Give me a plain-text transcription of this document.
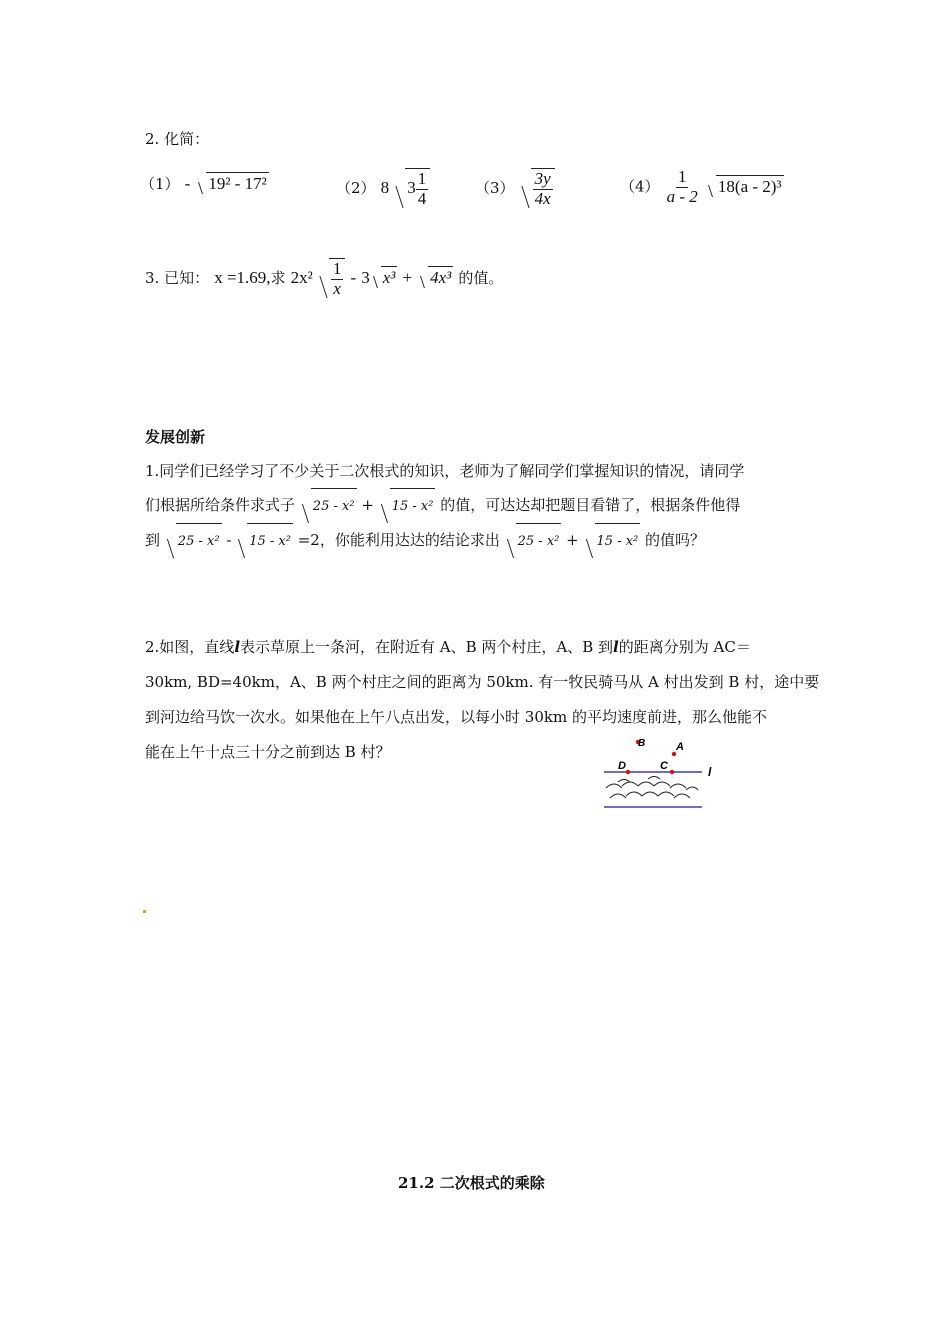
2. 化简：
（1） - 19² - 17²	（2） 8 $3 \frac{1}{4}$	$(3) \frac{3y}{4x}$	$(4) \frac{1}{a - 2} 18(a - 2)^3$
3. 已知： x =1.69,求 $2x^2 \frac{1}{x} - 3$ x³ + 4x³ 的值。
发展创新
1.同学们已经学习了不少关于二次根式的知识，老师为了解同学们掌握知识的情况，请同学
们根据所给条件求式子 25 - x² + 15 - x² 的值，可达达却把题目看错了，根据条件他得
到 25 - x² - 15 - x² =2，你能利用达达的结论求出 25 - x² + 15 - x² 的值吗？
2.如图，直线l表示草原上一条河，在附近有 A、B 两个村庄，A、B 到l的距离分别为 AC＝
30km, BD=40km，A、B 两个村庄之间的距离为 50km. 有一牧民骑马从 A 村出发到 B 村，途中要
到河边给马饮一次水。如果他在上午八点出发，以每小时 30km 的平均速度前进，那么他能不
能在上午十点三十分之前到达 B 村？
D	C
A
B
l
21.2 二次根式的乘除
